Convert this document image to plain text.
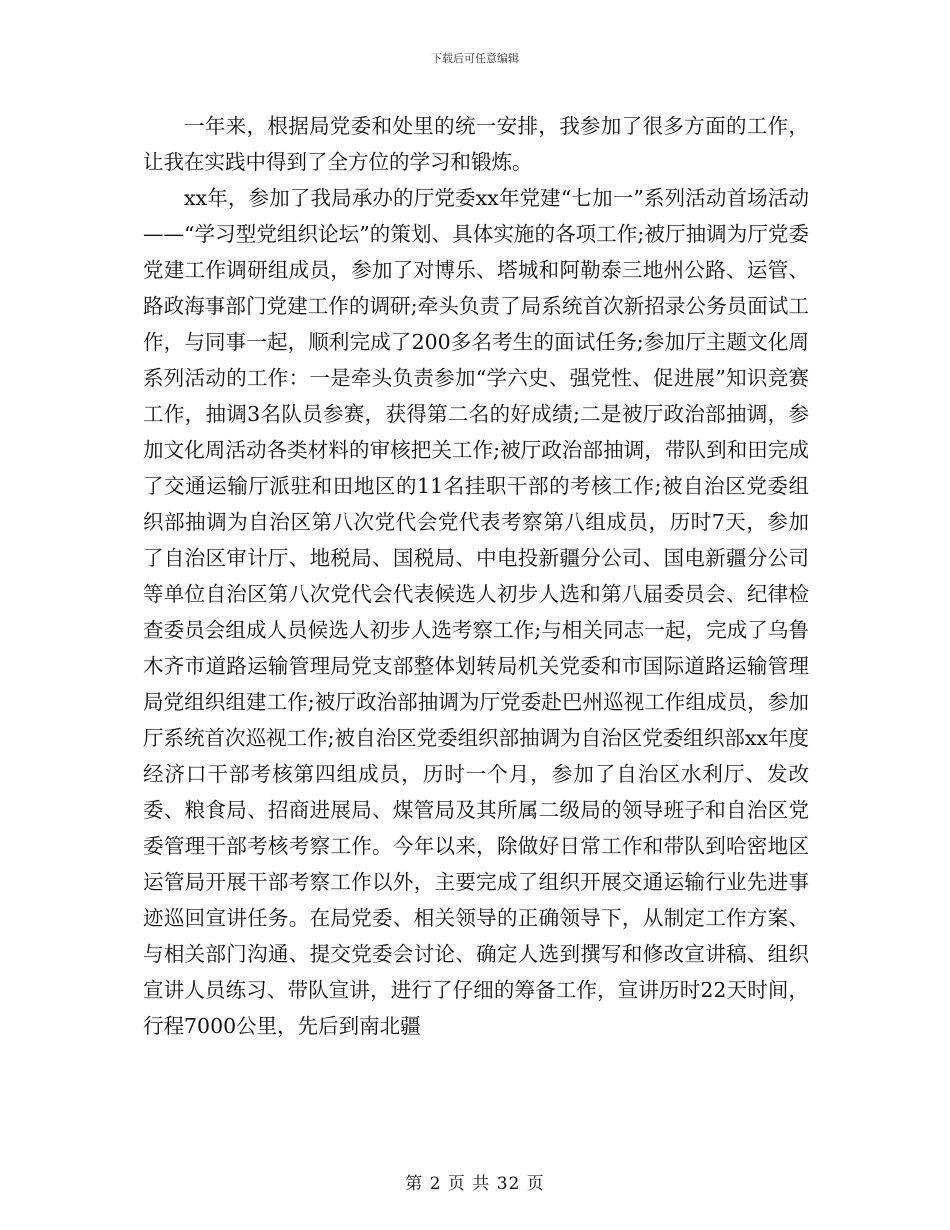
下载后可任意编辑

一年来，根据局党委和处里的统一安排，我参加了很多方面的工作，让我在实践中得到了全方位的学习和锻炼。

xx年，参加了我局承办的厅党委xx年党建“七加一”系列活动首场活动——“学习型党组织论坛”的策划、具体实施的各项工作;被厅抽调为厅党委党建工作调研组成员，参加了对博乐、塔城和阿勒泰三地州公路、运管、路政海事部门党建工作的调研;牵头负责了局系统首次新招录公务员面试工作，与同事一起，顺利完成了200多名考生的面试任务;参加厅主题文化周系列活动的工作：一是牵头负责参加“学六史、强党性、促进展”知识竞赛工作，抽调3名队员参赛，获得第二名的好成绩;二是被厅政治部抽调，参加文化周活动各类材料的审核把关工作;被厅政治部抽调，带队到和田完成了交通运输厅派驻和田地区的11名挂职干部的考核工作;被自治区党委组织部抽调为自治区第八次党代会党代表考察第八组成员，历时7天，参加了自治区审计厅、地税局、国税局、中电投新疆分公司、国电新疆分公司等单位自治区第八次党代会代表候选人初步人选和第八届委员会、纪律检查委员会组成人员候选人初步人选考察工作;与相关同志一起，完成了乌鲁木齐市道路运输管理局党支部整体划转局机关党委和市国际道路运输管理局党组织组建工作;被厅政治部抽调为厅党委赴巴州巡视工作组成员，参加厅系统首次巡视工作;被自治区党委组织部抽调为自治区党委组织部xx年度经济口干部考核第四组成员，历时一个月，参加了自治区水利厅、发改委、粮食局、招商进展局、煤管局及其所属二级局的领导班子和自治区党委管理干部考核考察工作。今年以来，除做好日常工作和带队到哈密地区运管局开展干部考察工作以外，主要完成了组织开展交通运输行业先进事迹巡回宣讲任务。在局党委、相关领导的正确领导下，从制定工作方案、与相关部门沟通、提交党委会讨论、确定人选到撰写和修改宣讲稿、组织宣讲人员练习、带队宣讲，进行了仔细的筹备工作，宣讲历时22天时间，行程7000公里，先后到南北疆

第 2 页 共 32 页
